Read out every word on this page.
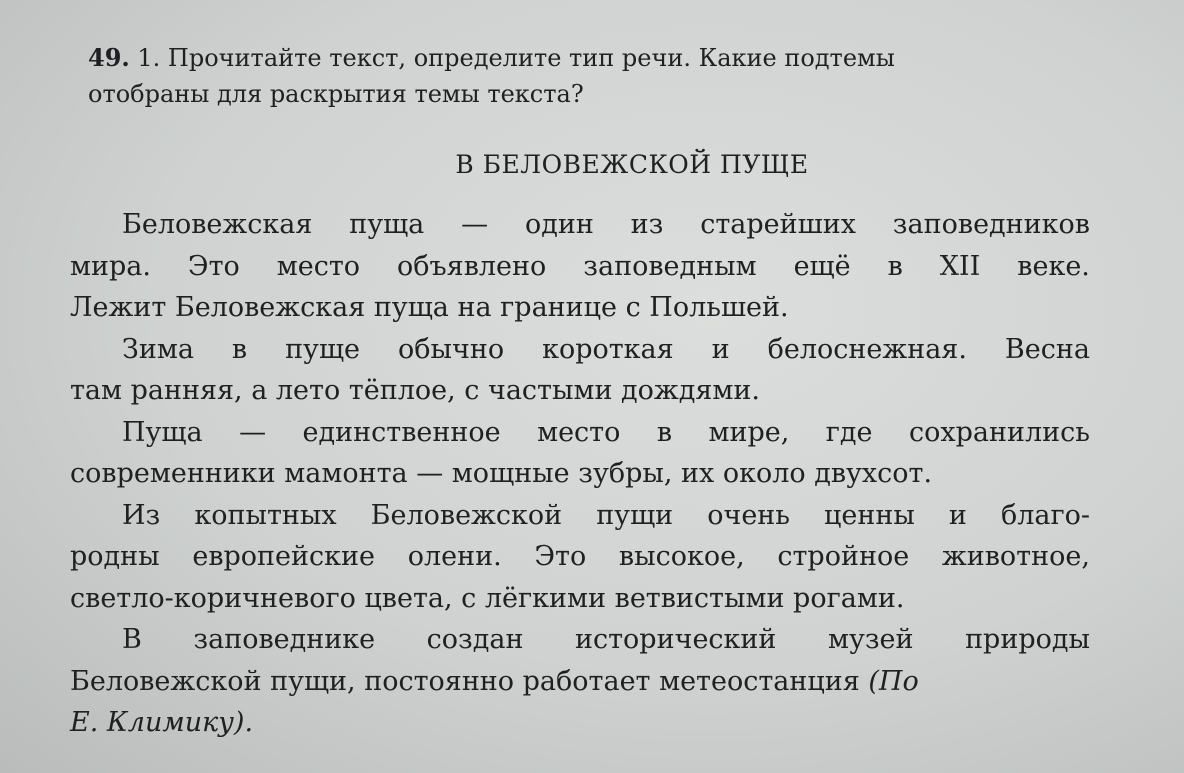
49. 1. Прочитайте текст, определите тип речи. Какие подтемы
отобраны для раскрытия темы текста?
В БЕЛОВЕЖСКОЙ ПУЩЕ
Беловежская пуща — один из старейших заповедников
мира. Это место объявлено заповедным ещё в XII веке.
Лежит Беловежская пуща на границе с Польшей.
Зима в пуще обычно короткая и белоснежная. Весна
там ранняя, а лето тёплое, с частыми дождями.
Пуща — единственное место в мире, где сохранились
современники мамонта — мощные зубры, их около двухсот.
Из копытных Беловежской пущи очень ценны и благо-
родны европейские олени. Это высокое, стройное животное,
светло-коричневого цвета, с лёгкими ветвистыми рогами.
В заповеднике создан исторический музей природы
Беловежской пущи, постоянно работает метеостанция (По
Е. Климику).
